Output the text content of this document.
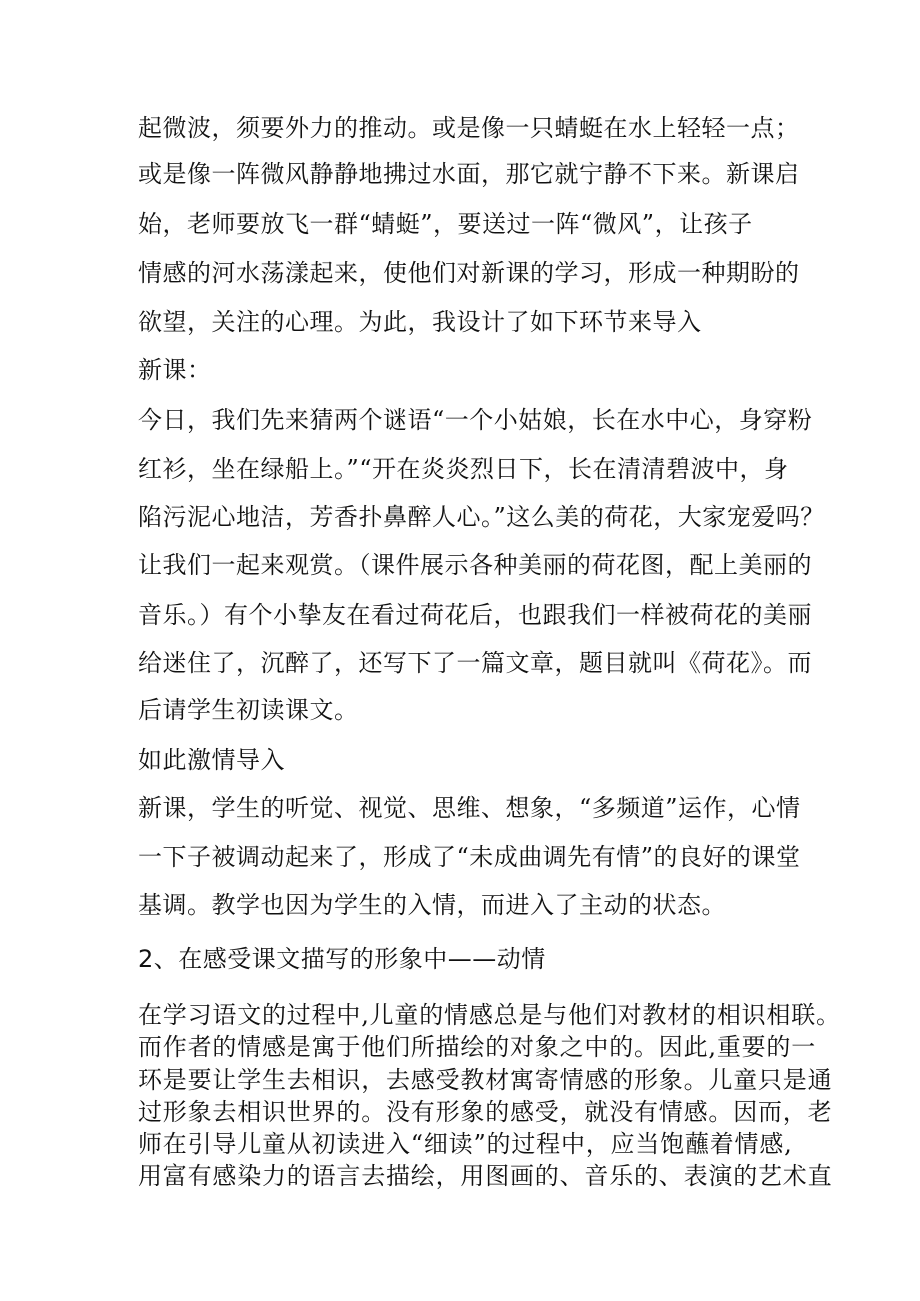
起微波，须要外力的推动。或是像一只蜻蜓在水上轻轻一点；
或是像一阵微风静静地拂过水面，那它就宁静不下来。新课启
始，老师要放飞一群“蜻蜓”，要送过一阵“微风”，让孩子
情感的河水荡漾起来，使他们对新课的学习，形成一种期盼的
欲望，关注的心理。为此，我设计了如下环节来导入
新课：
今日，我们先来猜两个谜语“一个小姑娘，长在水中心，身穿粉
红衫，坐在绿船上。”“开在炎炎烈日下，长在清清碧波中，身
陷污泥心地洁，芳香扑鼻醉人心。”这么美的荷花，大家宠爱吗？
让我们一起来观赏。（课件展示各种美丽的荷花图，配上美丽的
音乐。）有个小挚友在看过荷花后，也跟我们一样被荷花的美丽
给迷住了，沉醉了，还写下了一篇文章，题目就叫《荷花》。而
后请学生初读课文。
如此激情导入
新课，学生的听觉、视觉、思维、想象，“多频道”运作，心情
一下子被调动起来了，形成了“未成曲调先有情”的良好的课堂
基调。教学也因为学生的入情，而进入了主动的状态。
2、在感受课文描写的形象中——动情
在学习语文的过程中,儿童的情感总是与他们对教材的相识相联。
而作者的情感是寓于他们所描绘的对象之中的。因此,重要的一
环是要让学生去相识，去感受教材寓寄情感的形象。儿童只是通
过形象去相识世界的。没有形象的感受，就没有情感。因而，老
师在引导儿童从初读进入“细读”的过程中，应当饱蘸着情感,
用富有感染力的语言去描绘，用图画的、音乐的、表演的艺术直
